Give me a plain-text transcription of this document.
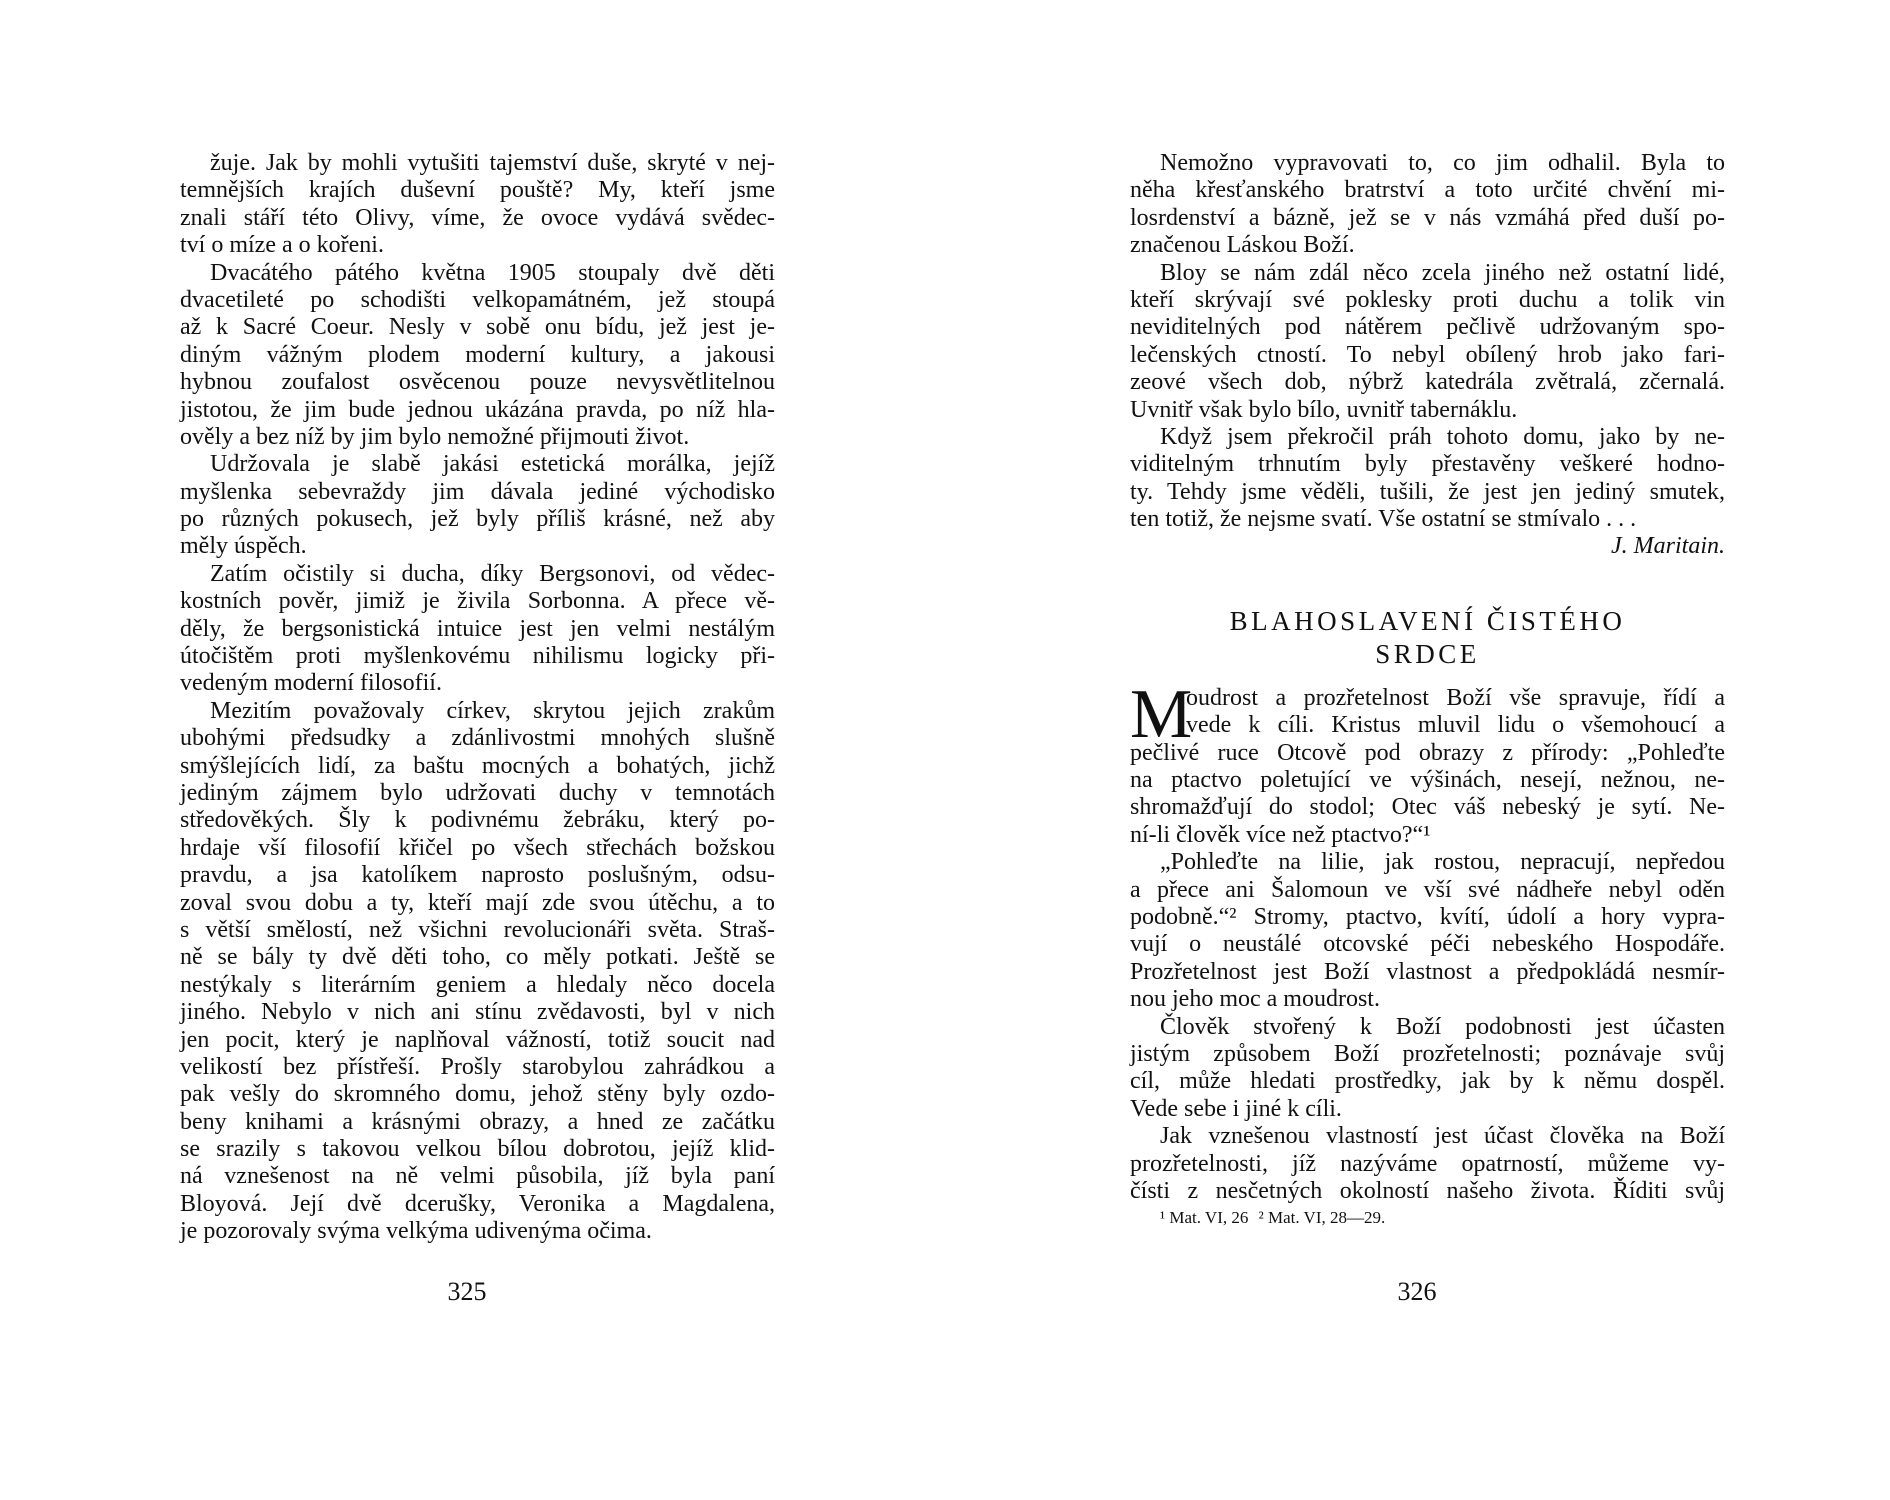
žuje. Jak by mohli vytušiti tajemství duše, skryté v nej-
temnějších krajích duševní pouště? My, kteří jsme
znali stáří této Olivy, víme, že ovoce vydává svědec-
tví o míze a o kořeni.
Dvacátého pátého května 1905 stoupaly dvě děti
dvacetileté po schodišti velkopamátném, jež stoupá
až k Sacré Coeur. Nesly v sobě onu bídu, jež jest je-
diným vážným plodem moderní kultury, a jakousi
hybnou zoufalost osvěcenou pouze nevysvětlitelnou
jistotou, že jim bude jednou ukázána pravda, po níž hla-
ověly a bez níž by jim bylo nemožné přijmouti život.
Udržovala je slabě jakási estetická morálka, jejíž
myšlenka sebevraždy jim dávala jediné východisko
po různých pokusech, jež byly příliš krásné, než aby
měly úspěch.
Zatím očistily si ducha, díky Bergsonovi, od vědec-
kostních pověr, jimiž je živila Sorbonna. A přece vě-
děly, že bergsonistická intuice jest jen velmi nestálým
útočištěm proti myšlenkovému nihilismu logicky při-
vedeným moderní filosofií.
Mezitím považovaly církev, skrytou jejich zrakům
ubohými předsudky a zdánlivostmi mnohých slušně
smýšlejících lidí, za baštu mocných a bohatých, jichž
jediným zájmem bylo udržovati duchy v temnotách
středověkých. Šly k podivnému žebráku, který po-
hrdaje vší filosofií křičel po všech střechách božskou
pravdu, a jsa katolíkem naprosto poslušným, odsu-
zoval svou dobu a ty, kteří mají zde svou útěchu, a to
s větší smělostí, než všichni revolucionáři světa. Straš-
ně se bály ty dvě děti toho, co měly potkati. Ještě se
nestýkaly s literárním geniem a hledaly něco docela
jiného. Nebylo v nich ani stínu zvědavosti, byl v nich
jen pocit, který je naplňoval vážností, totiž soucit nad
velikostí bez přístřeší. Prošly starobylou zahrádkou a
pak vešly do skromného domu, jehož stěny byly ozdo-
beny knihami a krásnými obrazy, a hned ze začátku
se srazily s takovou velkou bílou dobrotou, jejíž klid-
ná vznešenost na ně velmi působila, jíž byla paní
Bloyová. Její dvě dcerušky, Veronika a Magdalena,
je pozorovaly svýma velkýma udivenýma očima.
325
Nemožno vypravovati to, co jim odhalil. Byla to
něha křesťanského bratrství a toto určité chvění mi-
losrdenství a bázně, jež se v nás vzmáhá před duší po-
značenou Láskou Boží.
Bloy se nám zdál něco zcela jiného než ostatní lidé,
kteří skrývají své poklesky proti duchu a tolik vin
neviditelných pod nátěrem pečlivě udržovaným spo-
lečenských ctností. To nebyl obílený hrob jako fari-
zeové všech dob, nýbrž katedrála zvětralá, zčernalá.
Uvnitř však bylo bílo, uvnitř tabernáklu.
Když jsem překročil práh tohoto domu, jako by ne-
viditelným trhnutím byly přestavěny veškeré hodno-
ty. Tehdy jsme věděli, tušili, že jest jen jediný smutek,
ten totiž, že nejsme svatí. Vše ostatní se stmívalo . . .
J. Maritain.
BLAHOSLAVENÍ ČISTÉHO
SRDCE
M
oudrost a prozřetelnost Boží vše spravuje, řídí a
vede k cíli. Kristus mluvil lidu o všemohoucí a
pečlivé ruce Otcově pod obrazy z přírody: „Pohleďte
na ptactvo poletující ve výšinách, nesejí, nežnou, ne-
shromažďují do stodol; Otec váš nebeský je sytí. Ne-
ní-li člověk více než ptactvo?“¹
„Pohleďte na lilie, jak rostou, nepracují, nepředou
a přece ani Šalomoun ve vší své nádheře nebyl oděn
podobně.“² Stromy, ptactvo, kvítí, údolí a hory vypra-
vují o neustálé otcovské péči nebeského Hospodáře.
Prozřetelnost jest Boží vlastnost a předpokládá nesmír-
nou jeho moc a moudrost.
Člověk stvořený k Boží podobnosti jest účasten
jistým způsobem Boží prozřetelnosti; poznávaje svůj
cíl, může hledati prostředky, jak by k němu dospěl.
Vede sebe i jiné k cíli.
Jak vznešenou vlastností jest účast člověka na Boží
prozřetelnosti, jíž nazýváme opatrností, můžeme vy-
čísti z nesčetných okolností našeho života. Říditi svůj
¹ Mat. VI, 26 ² Mat. VI, 28—29.
326
